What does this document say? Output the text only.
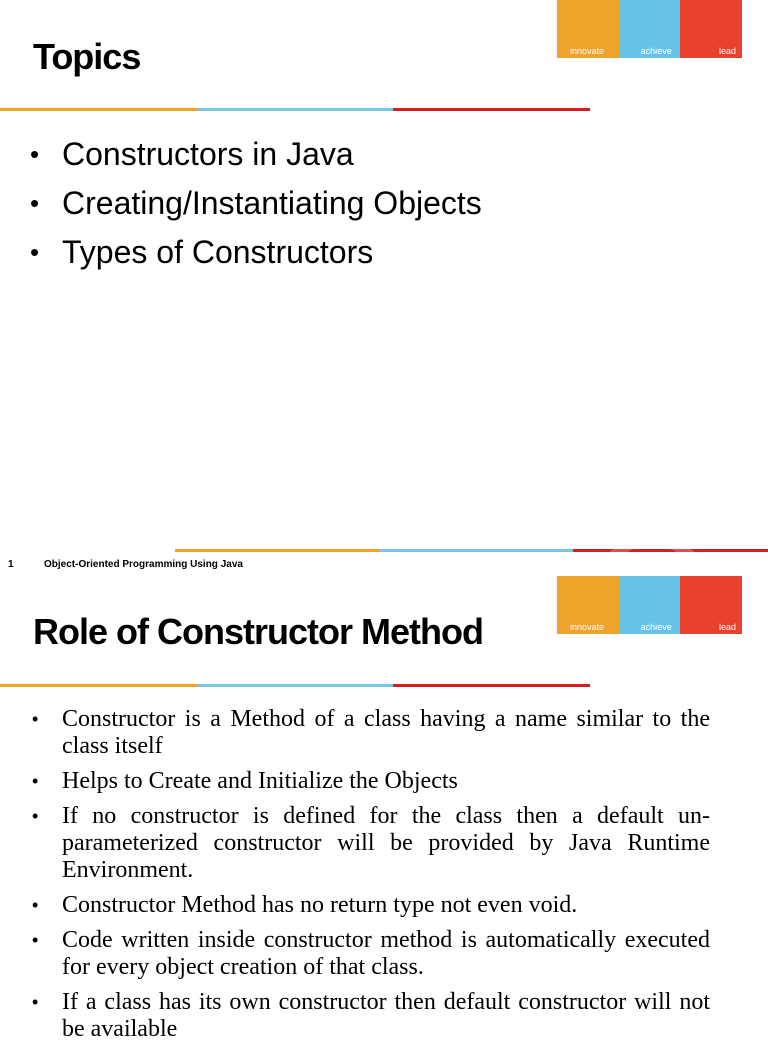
innovate	achieve	lead
Topics
• Constructors in Java
• Creating/Instantiating Objects
• Types of Constructors
1	Object-Oriented Programming Using Java
innovate	achieve	lead
Role of Constructor Method
• Constructor is a Method of a class having a name similar to the class itself
• Helps to Create and Initialize the Objects
• If no constructor is defined for the class then a default un-parameterized constructor will be provided by Java Runtime Environment.
• Constructor Method has no return type not even void.
• Code written inside constructor method is automatically executed for every object creation of that class.
• If a class has its own constructor then default constructor will not be available
